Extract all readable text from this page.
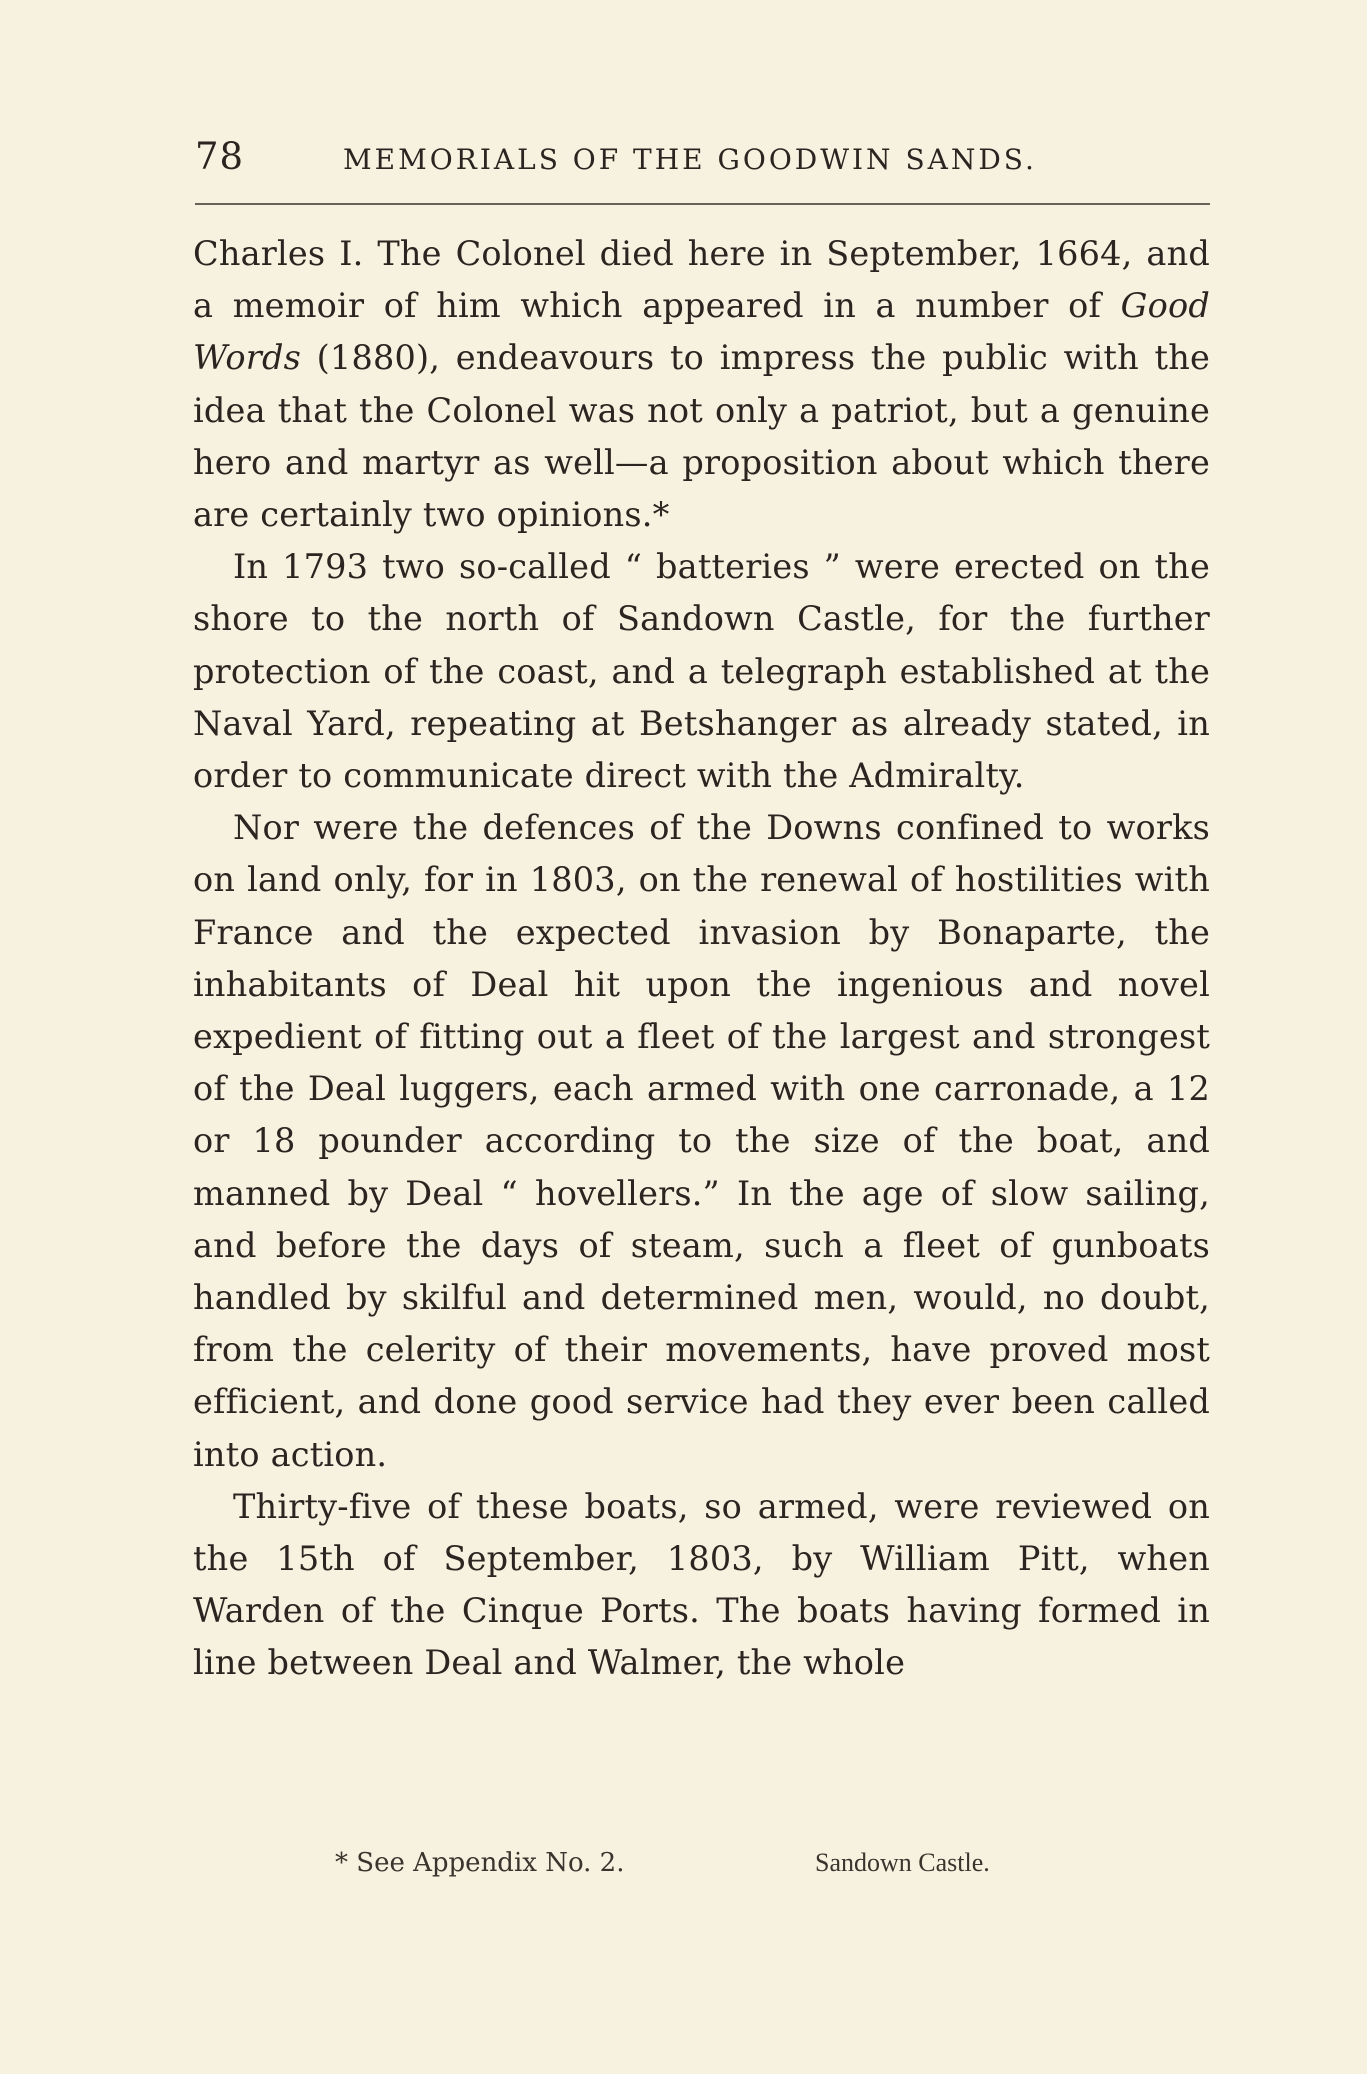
78	MEMORIALS OF THE GOODWIN SANDS.

Charles I. The Colonel died here in September, 1664, and a memoir of him which appeared in a number of Good Words (1880), endeavours to impress the public with the idea that the Colonel was not only a patriot, but a genuine hero and martyr as well—a proposition about which there are certainly two opinions.*

In 1793 two so-called “ batteries ” were erected on the shore to the north of Sandown Castle, for the further protection of the coast, and a telegraph established at the Naval Yard, repeating at Betshanger as already stated, in order to communicate direct with the Admiralty.

Nor were the defences of the Downs confined to works on land only, for in 1803, on the renewal of hostilities with France and the expected invasion by Bonaparte, the inhabitants of Deal hit upon the ingenious and novel expedient of fitting out a fleet of the largest and strongest of the Deal luggers, each armed with one carronade, a 12 or 18 pounder according to the size of the boat, and manned by Deal “ hovellers.” In the age of slow sailing, and before the days of steam, such a fleet of gunboats handled by skilful and determined men, would, no doubt, from the celerity of their movements, have proved most efficient, and done good service had they ever been called into action.

Thirty-five of these boats, so armed, were reviewed on the 15th of September, 1803, by William Pitt, when Warden of the Cinque Ports. The boats having formed in line between Deal and Walmer, the whole

* See Appendix No. 2.	Sandown Castle.
